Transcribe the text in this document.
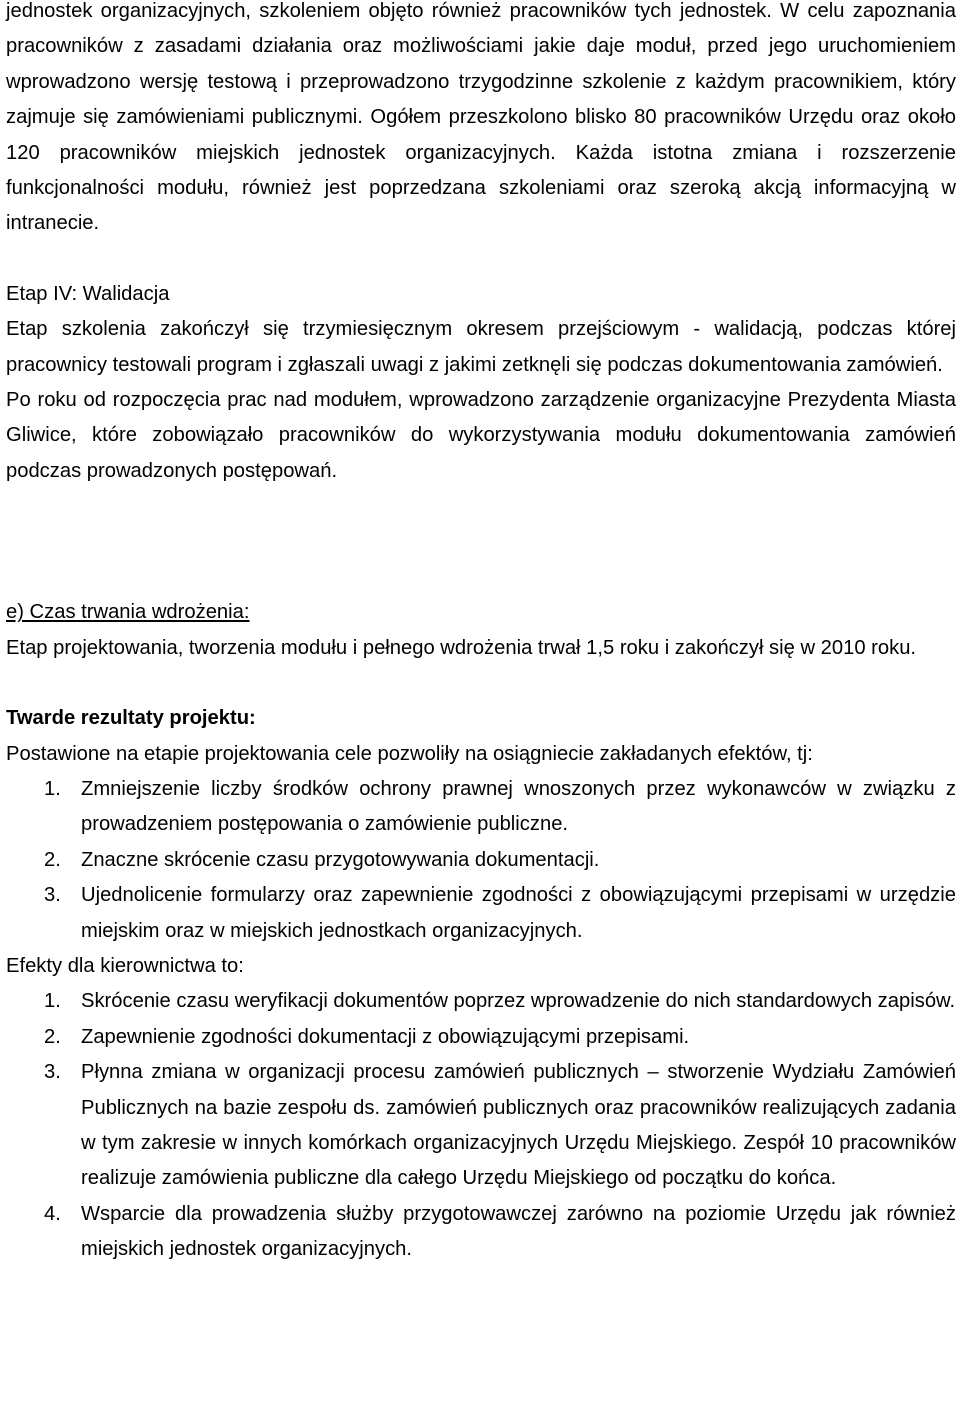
jednostek organizacyjnych, szkoleniem objęto również pracowników tych jednostek. W celu zapoznania pracowników z zasadami działania oraz możliwościami jakie daje moduł, przed jego uruchomieniem wprowadzono wersję testową i przeprowadzono trzygodzinne szkolenie z każdym pracownikiem, który zajmuje się zamówieniami publicznymi. Ogółem przeszkolono blisko 80 pracowników Urzędu oraz około 120 pracowników miejskich jednostek organizacyjnych. Każda istotna zmiana i rozszerzenie funkcjonalności modułu, również jest poprzedzana szkoleniami oraz szeroką akcją informacyjną w intranecie.

Etap IV: Walidacja

Etap szkolenia zakończył się trzymiesięcznym okresem przejściowym - walidacją, podczas której pracownicy testowali program i zgłaszali uwagi z jakimi zetknęli się podczas dokumentowania zamówień.

Po roku od rozpoczęcia prac nad modułem, wprowadzono zarządzenie organizacyjne Prezydenta Miasta Gliwice, które zobowiązało pracowników do wykorzystywania modułu dokumentowania zamówień podczas prowadzonych postępowań.

e) Czas trwania wdrożenia:

Etap projektowania, tworzenia modułu i pełnego wdrożenia trwał 1,5 roku i zakończył się w 2010 roku.

Twarde rezultaty projektu:

Postawione na etapie projektowania cele pozwoliły na osiągniecie zakładanych efektów, tj:

1. Zmniejszenie liczby środków ochrony prawnej wnoszonych przez wykonawców w związku z prowadzeniem postępowania o zamówienie publiczne.
2. Znaczne skrócenie czasu przygotowywania dokumentacji.
3. Ujednolicenie formularzy oraz zapewnienie zgodności z obowiązującymi przepisami w urzędzie miejskim oraz w miejskich jednostkach organizacyjnych.

Efekty dla kierownictwa to:

1. Skrócenie czasu weryfikacji dokumentów poprzez wprowadzenie do nich standardowych zapisów.
2. Zapewnienie zgodności dokumentacji z obowiązującymi przepisami.
3. Płynna zmiana w organizacji procesu zamówień publicznych – stworzenie Wydziału Zamówień Publicznych na bazie zespołu ds. zamówień publicznych oraz pracowników realizujących zadania w tym zakresie w innych komórkach organizacyjnych Urzędu Miejskiego. Zespół 10 pracowników realizuje zamówienia publiczne dla całego Urzędu Miejskiego od początku do końca.
4. Wsparcie dla prowadzenia służby przygotowawczej zarówno na poziomie Urzędu jak również miejskich jednostek organizacyjnych.
